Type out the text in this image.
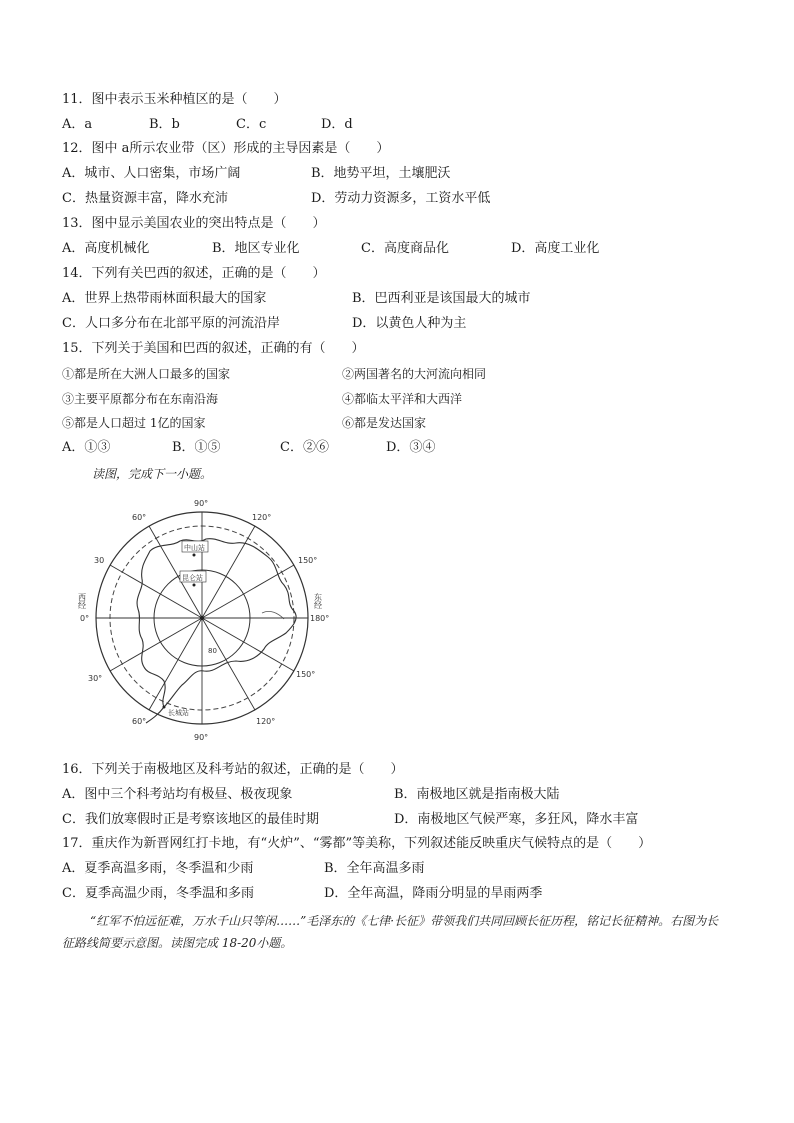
11．图中表示玉米种植区的是（　　）
A．a	B．b	C．c	D．d
12．图中 a所示农业带（区）形成的主导因素是（　　）
A．城市、人口密集，市场广阔	B．地势平坦，土壤肥沃
C．热量资源丰富，降水充沛	D．劳动力资源多，工资水平低
13．图中显示美国农业的突出特点是（　　）
A．高度机械化	B．地区专业化	C．高度商品化	D．高度工业化
14．下列有关巴西的叙述，正确的是（　　）
A．世界上热带雨林面积最大的国家	B．巴西利亚是该国最大的城市
C．人口多分布在北部平原的河流沿岸	D．以黄色人种为主
15．下列关于美国和巴西的叙述，正确的有（　　）
①都是所在大洲人口最多的国家	②两国著名的大河流向相同
③主要平原都分布在东南沿海	④都临太平洋和大西洋
⑤都是人口超过 1亿的国家	⑥都是发达国家
A．①③	B．①⑤	C．②⑥	D．③④
读图，完成下一小题。
90°
90°
60°	120°
60°	120°
30
30°
150°
150°
180°
0°
80
东经
西经
中山站
昆仑站
长城站
16．下列关于南极地区及科考站的叙述，正确的是（　　）
A．图中三个科考站均有极昼、极夜现象	B．南极地区就是指南极大陆
C．我们放寒假时正是考察该地区的最佳时期	D．南极地区气候严寒，多狂风，降水丰富
17．重庆作为新晋网红打卡地，有“火炉”、“雾都”等美称，下列叙述能反映重庆气候特点的是（　　）
A．夏季高温多雨，冬季温和少雨	B．全年高温多雨
C．夏季高温少雨，冬季温和多雨	D．全年高温，降雨分明显的旱雨两季
“红军不怕远征难，万水千山只等闲……”毛泽东的《七律·长征》带领我们共同回顾长征历程，铭记长征精神。右图为长征路线简要示意图。读图完成 18-20小题。
